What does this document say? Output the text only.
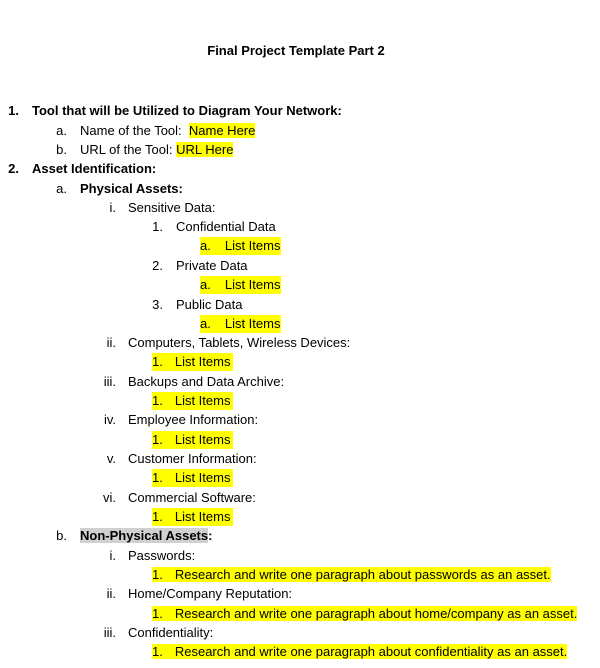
Final Project Template Part 2
1. Tool that will be Utilized to Diagram Your Network:
a. Name of the Tool: Name Here
b. URL of the Tool: URL Here
2. Asset Identification:
a. Physical Assets:
i. Sensitive Data:
1. Confidential Data
a. List Items
2. Private Data
a. List Items
3. Public Data
a. List Items
ii. Computers, Tablets, Wireless Devices:
1. List Items
iii. Backups and Data Archive:
1. List Items
iv. Employee Information:
1. List Items
v. Customer Information:
1. List Items
vi. Commercial Software:
1. List Items
b. Non-Physical Assets:
i. Passwords:
1. Research and write one paragraph about passwords as an asset.
ii. Home/Company Reputation:
1. Research and write one paragraph about home/company as an asset.
iii. Confidentiality:
1. Research and write one paragraph about confidentiality as an asset.
